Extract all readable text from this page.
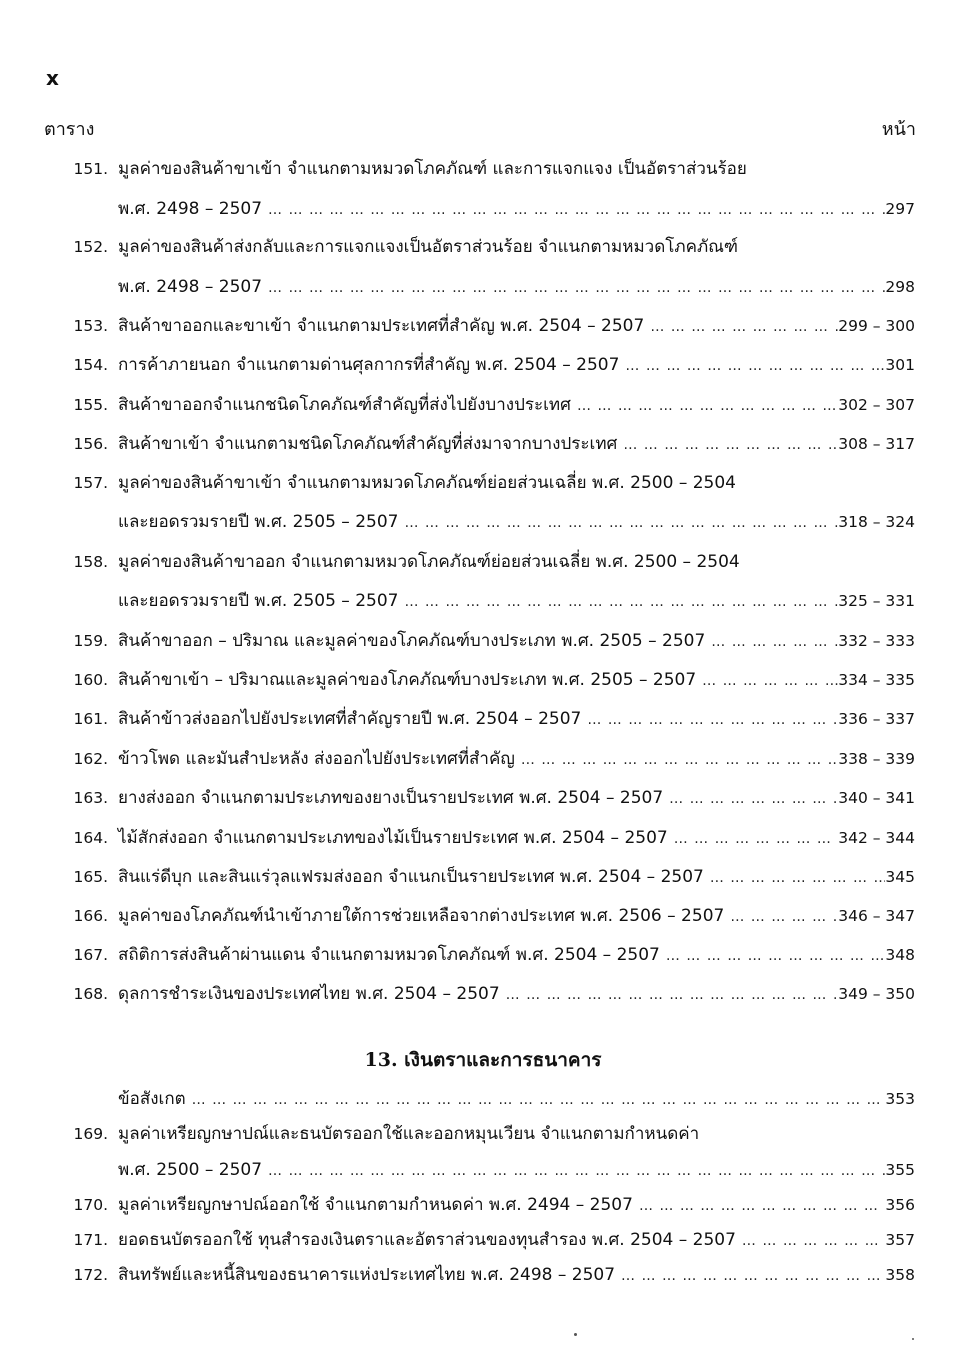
x
ตาราง	หน้า
151. มูลค่าของสินค้าขาเข้า จำแนกตามหมวดโภคภัณฑ์ และการแจกแจง เป็นอัตราส่วนร้อย
พ.ศ. 2498 – 2507 … … … … … … … … … … … … … … … … … … … … … … … … … … … … … … … … … … … … … … … … … … … … … … … … …	297
152. มูลค่าของสินค้าส่งกลับและการแจกแจงเป็นอัตราส่วนร้อย จำแนกตามหมวดโภคภัณฑ์
พ.ศ. 2498 – 2507 … … … … … … … … … … … … … … … … … … … … … … … … … … … … … … … … … … … … … … … … … … … … … … … … …	298
153. สินค้าขาออกและขาเข้า จำแนกตามประเทศที่สำคัญ พ.ศ. 2504 – 2507 … … … … … … … … … … … … … … … … … … … … … … … … … … … … … … … … … … … … … … … … … … … … … … … … …	299 – 300
154. การค้าภายนอก จำแนกตามด่านศุลกากรที่สำคัญ พ.ศ. 2504 – 2507 … … … … … … … … … … … … … … … … … … … … … … … … … … … … … … … … … … … … … … … … … … … … … … … … …	301
155. สินค้าขาออกจำแนกชนิดโภคภัณฑ์สำคัญที่ส่งไปยังบางประเทศ … … … … … … … … … … … … … … … … … … … … … … … … … … … … … … … … … … … … … … … … … … … … … … … … …	302 – 307
156. สินค้าขาเข้า จำแนกตามชนิดโภคภัณฑ์สำคัญที่ส่งมาจากบางประเทศ … … … … … … … … … … … … … … … … … … … … … … … … … … … … … … … … … … … … … … … … … … … … … … … … …	308 – 317
157. มูลค่าของสินค้าขาเข้า จำแนกตามหมวดโภคภัณฑ์ย่อยส่วนเฉลี่ย พ.ศ. 2500 – 2504
และยอดรวมรายปี พ.ศ. 2505 – 2507 … … … … … … … … … … … … … … … … … … … … … … … … … … … … … … … … … … … … … … … … … … … … … … … … …	318 – 324
158. มูลค่าของสินค้าขาออก จำแนกตามหมวดโภคภัณฑ์ย่อยส่วนเฉลี่ย พ.ศ. 2500 – 2504
และยอดรวมรายปี พ.ศ. 2505 – 2507 … … … … … … … … … … … … … … … … … … … … … … … … … … … … … … … … … … … … … … … … … … … … … … … … …	325 – 331
159. สินค้าขาออก – ปริมาณ และมูลค่าของโภคภัณฑ์บางประเภท พ.ศ. 2505 – 2507 … … … … … … … … … … … … … … … … … … … … … … … … … … … … … … … … … … … … … … … … … … … … … … … … …	332 – 333
160. สินค้าขาเข้า – ปริมาณและมูลค่าของโภคภัณฑ์บางประเภท พ.ศ. 2505 – 2507 … … … … … … … … … … … … … … … … … … … … … … … … … … … … … … … … … … … … … … … … … … … … … … … … …	334 – 335
161. สินค้าข้าวส่งออกไปยังประเทศที่สำคัญรายปี พ.ศ. 2504 – 2507 … … … … … … … … … … … … … … … … … … … … … … … … … … … … … … … … … … … … … … … … … … … … … … … … …	336 – 337
162. ข้าวโพด และมันสำปะหลัง ส่งออกไปยังประเทศที่สำคัญ … … … … … … … … … … … … … … … … … … … … … … … … … … … … … … … … … … … … … … … … … … … … … … … … …	338 – 339
163. ยางส่งออก จำแนกตามประเภทของยางเป็นรายประเทศ พ.ศ. 2504 – 2507 … … … … … … … … … … … … … … … … … … … … … … … … … … … … … … … … … … … … … … … … … … … … … … … … …	340 – 341
164. ไม้สักส่งออก จำแนกตามประเภทของไม้เป็นรายประเทศ พ.ศ. 2504 – 2507 … … … … … … … … … … … … … … … … … … … … … … … … … … … … … … … … … … … … … … … … … … … … … … … … …	342 – 344
165. สินแร่ดีบุก และสินแร่วุลแฟรมส่งออก จำแนกเป็นรายประเทศ พ.ศ. 2504 – 2507 … … … … … … … … … … … … … … … … … … … … … … … … … … … … … … … … … … … … … … … … … … … … … … … … …	345
166. มูลค่าของโภคภัณฑ์นำเข้าภายใต้การช่วยเหลือจากต่างประเทศ พ.ศ. 2506 – 2507 … … … … … … … … … … … … … … … … … … … … … … … … … … … … … … … … … … … … … … … … … … … … … … … … …	346 – 347
167. สถิติการส่งสินค้าผ่านแดน จำแนกตามหมวดโภคภัณฑ์ พ.ศ. 2504 – 2507 … … … … … … … … … … … … … … … … … … … … … … … … … … … … … … … … … … … … … … … … … … … … … … … … …	348
168. ดุลการชำระเงินของประเทศไทย พ.ศ. 2504 – 2507 … … … … … … … … … … … … … … … … … … … … … … … … … … … … … … … … … … … … … … … … … … … … … … … … …	349 – 350
13. เงินตราและการธนาคาร
ข้อสังเกต … … … … … … … … … … … … … … … … … … … … … … … … … … … … … … … … … … … … … … … … … … … … … … … … …	353
169. มูลค่าเหรียญกษาปณ์และธนบัตรออกใช้และออกหมุนเวียน จำแนกตามกำหนดค่า
พ.ศ. 2500 – 2507 … … … … … … … … … … … … … … … … … … … … … … … … … … … … … … … … … … … … … … … … … … … … … … … … …	355
170. มูลค่าเหรียญกษาปณ์ออกใช้ จำแนกตามกำหนดค่า พ.ศ. 2494 – 2507 … … … … … … … … … … … … … … … … … … … … … … … … … … … … … … … … … … … … … … … … … … … … … … … … …	356
171. ยอดธนบัตรออกใช้ ทุนสำรองเงินตราและอัตราส่วนของทุนสำรอง พ.ศ. 2504 – 2507 … … … … … … … … … … … … … … … … … … … … … … … … … … … … … … … … … … … … … … … … … … … … … … … … …	357
172. สินทรัพย์และหนี้สินของธนาคารแห่งประเทศไทย พ.ศ. 2498 – 2507 … … … … … … … … … … … … … … … … … … … … … … … … … … … … … … … … … … … … … … … … … … … … … … … … …	358
